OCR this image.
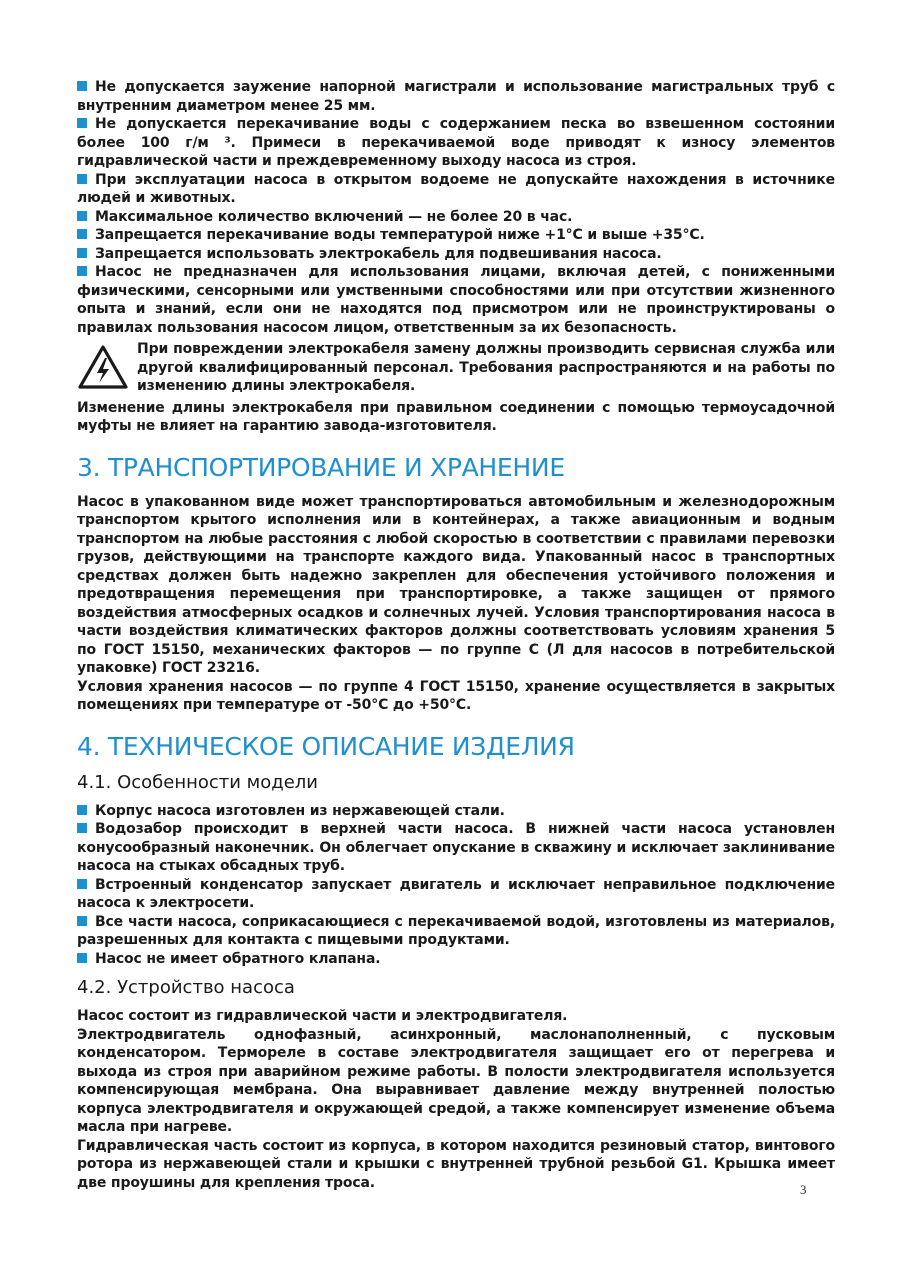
Не допускается заужение напорной магистрали и использование магистральных труб с внутренним диаметром менее 25 мм.

Не допускается перекачивание воды с содержанием песка во взвешенном состоянии более 100 г/м ³. Примеси в перекачиваемой воде приводят к износу элементов гидравлической части и преждевременному выходу насоса из строя.

При эксплуатации насоса в открытом водоеме не допускайте нахождения в источнике людей и животных.

Максимальное количество включений — не более 20 в час.

Запрещается перекачивание воды температурой ниже +1°С и выше +35°С.

Запрещается использовать электрокабель для подвешивания насоса.

Насос не предназначен для использования лицами, включая детей, с пониженными физическими, сенсорными или умственными способностями или при отсутствии жизненного опыта и знаний, если они не находятся под присмотром или не проинструктированы о правилах пользования насосом лицом, ответственным за их безопасность.

При повреждении электрокабеля замену должны производить сервисная служба или другой квалифицированный персонал. Требования распространяются и на работы по изменению длины электрокабеля.

Изменение длины электрокабеля при правильном соединении с помощью термоусадочной муфты не влияет на гарантию завода-изготовителя.

3. ТРАНСПОРТИРОВАНИЕ И ХРАНЕНИЕ

Насос в упакованном виде может транспортироваться автомобильным и железнодорожным транспортом крытого исполнения или в контейнерах, а также авиационным и водным транспортом на любые расстояния с любой скоростью в соответствии с правилами перевозки грузов, действующими на транспорте каждого вида. Упакованный насос в транспортных средствах должен быть надежно закреплен для обеспечения устойчивого положения и предотвращения перемещения при транспортировке, а также защищен от прямого воздействия атмосферных осадков и солнечных лучей. Условия транспортирования насоса в части воздействия климатических факторов должны соответствовать условиям хранения 5 по ГОСТ 15150, механических факторов — по группе С (Л для насосов в потребительской упаковке) ГОСТ 23216.

Условия хранения насосов — по группе 4 ГОСТ 15150, хранение осуществляется в закрытых помещениях при температуре от -50°С до +50°С.

4. ТЕХНИЧЕСКОЕ ОПИСАНИЕ ИЗДЕЛИЯ
4.1. Особенности модели

Корпус насоса изготовлен из нержавеющей стали.

Водозабор происходит в верхней части насоса. В нижней части насоса установлен конусообразный наконечник. Он облегчает опускание в скважину и исключает заклинивание насоса на стыках обсадных труб.

Встроенный конденсатор запускает двигатель и исключает неправильное подключение насоса к электросети.

Все части насоса, соприкасающиеся с перекачиваемой водой, изготовлены из материалов, разрешенных для контакта с пищевыми продуктами.

Насос не имеет обратного клапана.

4.2. Устройство насоса

Насос состоит из гидравлической части и электродвигателя.

Электродвигатель однофазный, асинхронный, маслонаполненный, с пусковым конденсатором. Термореле в составе электродвигателя защищает его от перегрева и выхода из строя при аварийном режиме работы. В полости электродвигателя используется компенсирующая мембрана. Она выравнивает давление между внутренней полостью корпуса электродвигателя и окружающей средой, а также компенсирует изменение объема масла при нагреве.

Гидравлическая часть состоит из корпуса, в котором находится резиновый статор, винтового ротора из нержавеющей стали и крышки с внутренней трубной резьбой G1. Крышка имеет две проушины для крепления троса.	3
